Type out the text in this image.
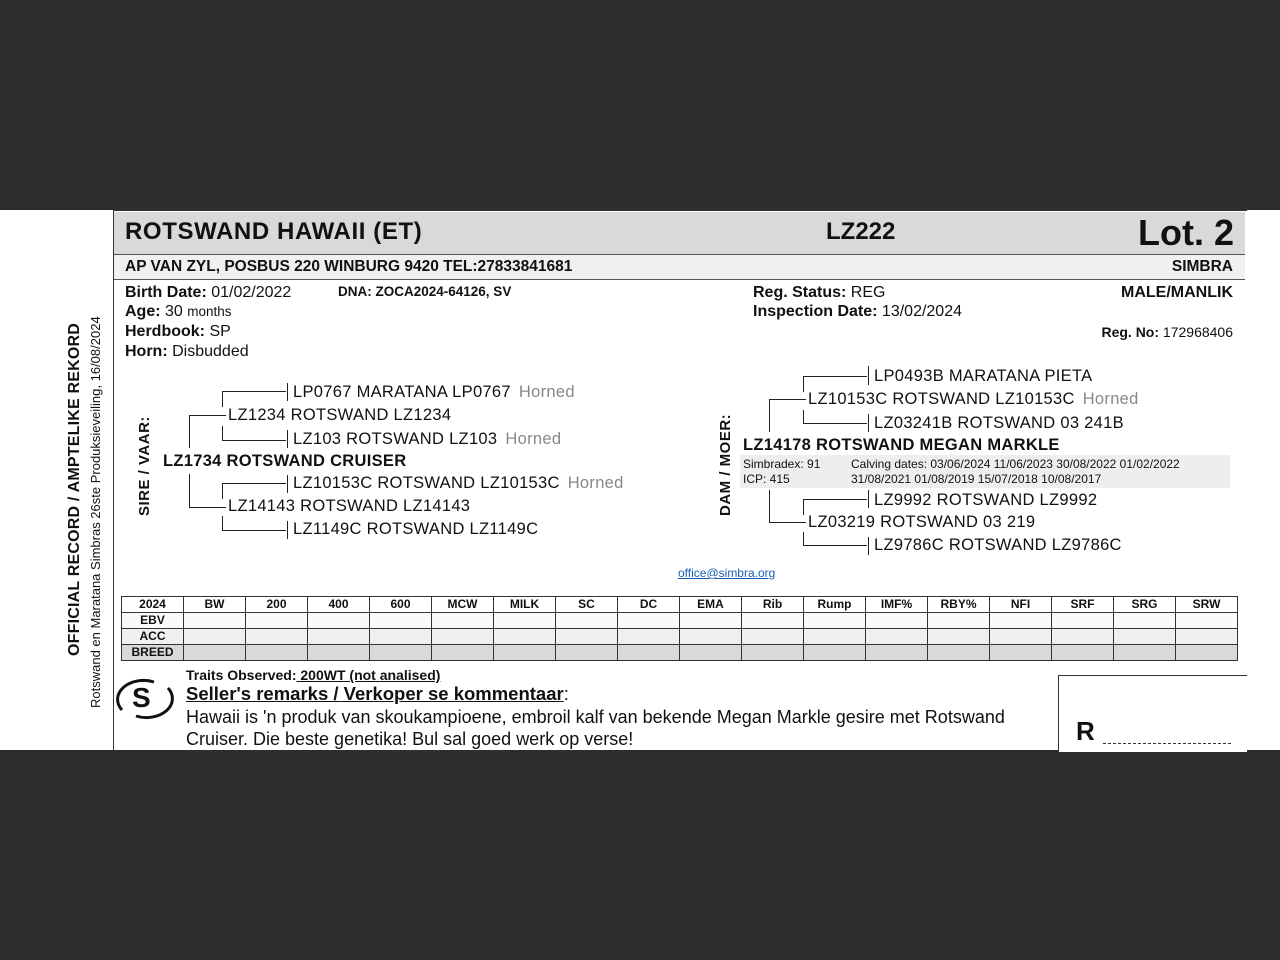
OFFICIAL RECORD / AMPTELIKE REKORD Rotswand en Maratana Simbras 26ste Produksieveiling, 16/08/2024
ROTSWAND HAWAII (ET)	LZ222	Lot. 2
AP VAN ZYL, POSBUS 220 WINBURG 9420 TEL:27833841681	SIMBRA
Birth Date: 01/02/2022	DNA: ZOCA2024-64126, SV
Age: 30 months
Herdbook: SP
Horn: Disbudded
Reg. Status: REG	MALE/MANLIK
Inspection Date: 13/02/2024
Reg. No: 172968406
SIRE / VAAR: LZ1734 ROTSWAND CRUISER
LZ1234 ROTSWAND LZ1234
LP0767 MARATANA LP0767 Horned
LZ103 ROTSWAND LZ103 Horned
LZ14143 ROTSWAND LZ14143
LZ10153C ROTSWAND LZ10153C Horned
LZ1149C ROTSWAND LZ1149C
DAM / MOER: LZ14178 ROTSWAND MEGAN MARKLE
LZ10153C ROTSWAND LZ10153C Horned
LP0493B MARATANA PIETA
LZ03241B ROTSWAND 03 241B
LZ03219 ROTSWAND 03 219
LZ9992 ROTSWAND LZ9992
LZ9786C ROTSWAND LZ9786C
Simbradex: 91
ICP: 415
Calving dates: 03/06/2024 11/06/2023 30/08/2022 01/02/2022
31/08/2021 01/08/2019 15/07/2018 10/08/2017
office@simbra.org
2024	BW	200	400	600	MCW	MILK	SC	DC	EMA	Rib	Rump	IMF%	RBY%	NFI	SRF	SRG	SRW
EBV																	
ACC																	
BREED																	
S
Traits Observed: 200WT (not analised)
Seller's remarks / Verkoper se kommentaar:
Hawaii is 'n produk van skoukampioene, embroil kalf van bekende Megan Markle gesire met Rotswand Cruiser. Die beste genetika! Bul sal goed werk op verse!	R
